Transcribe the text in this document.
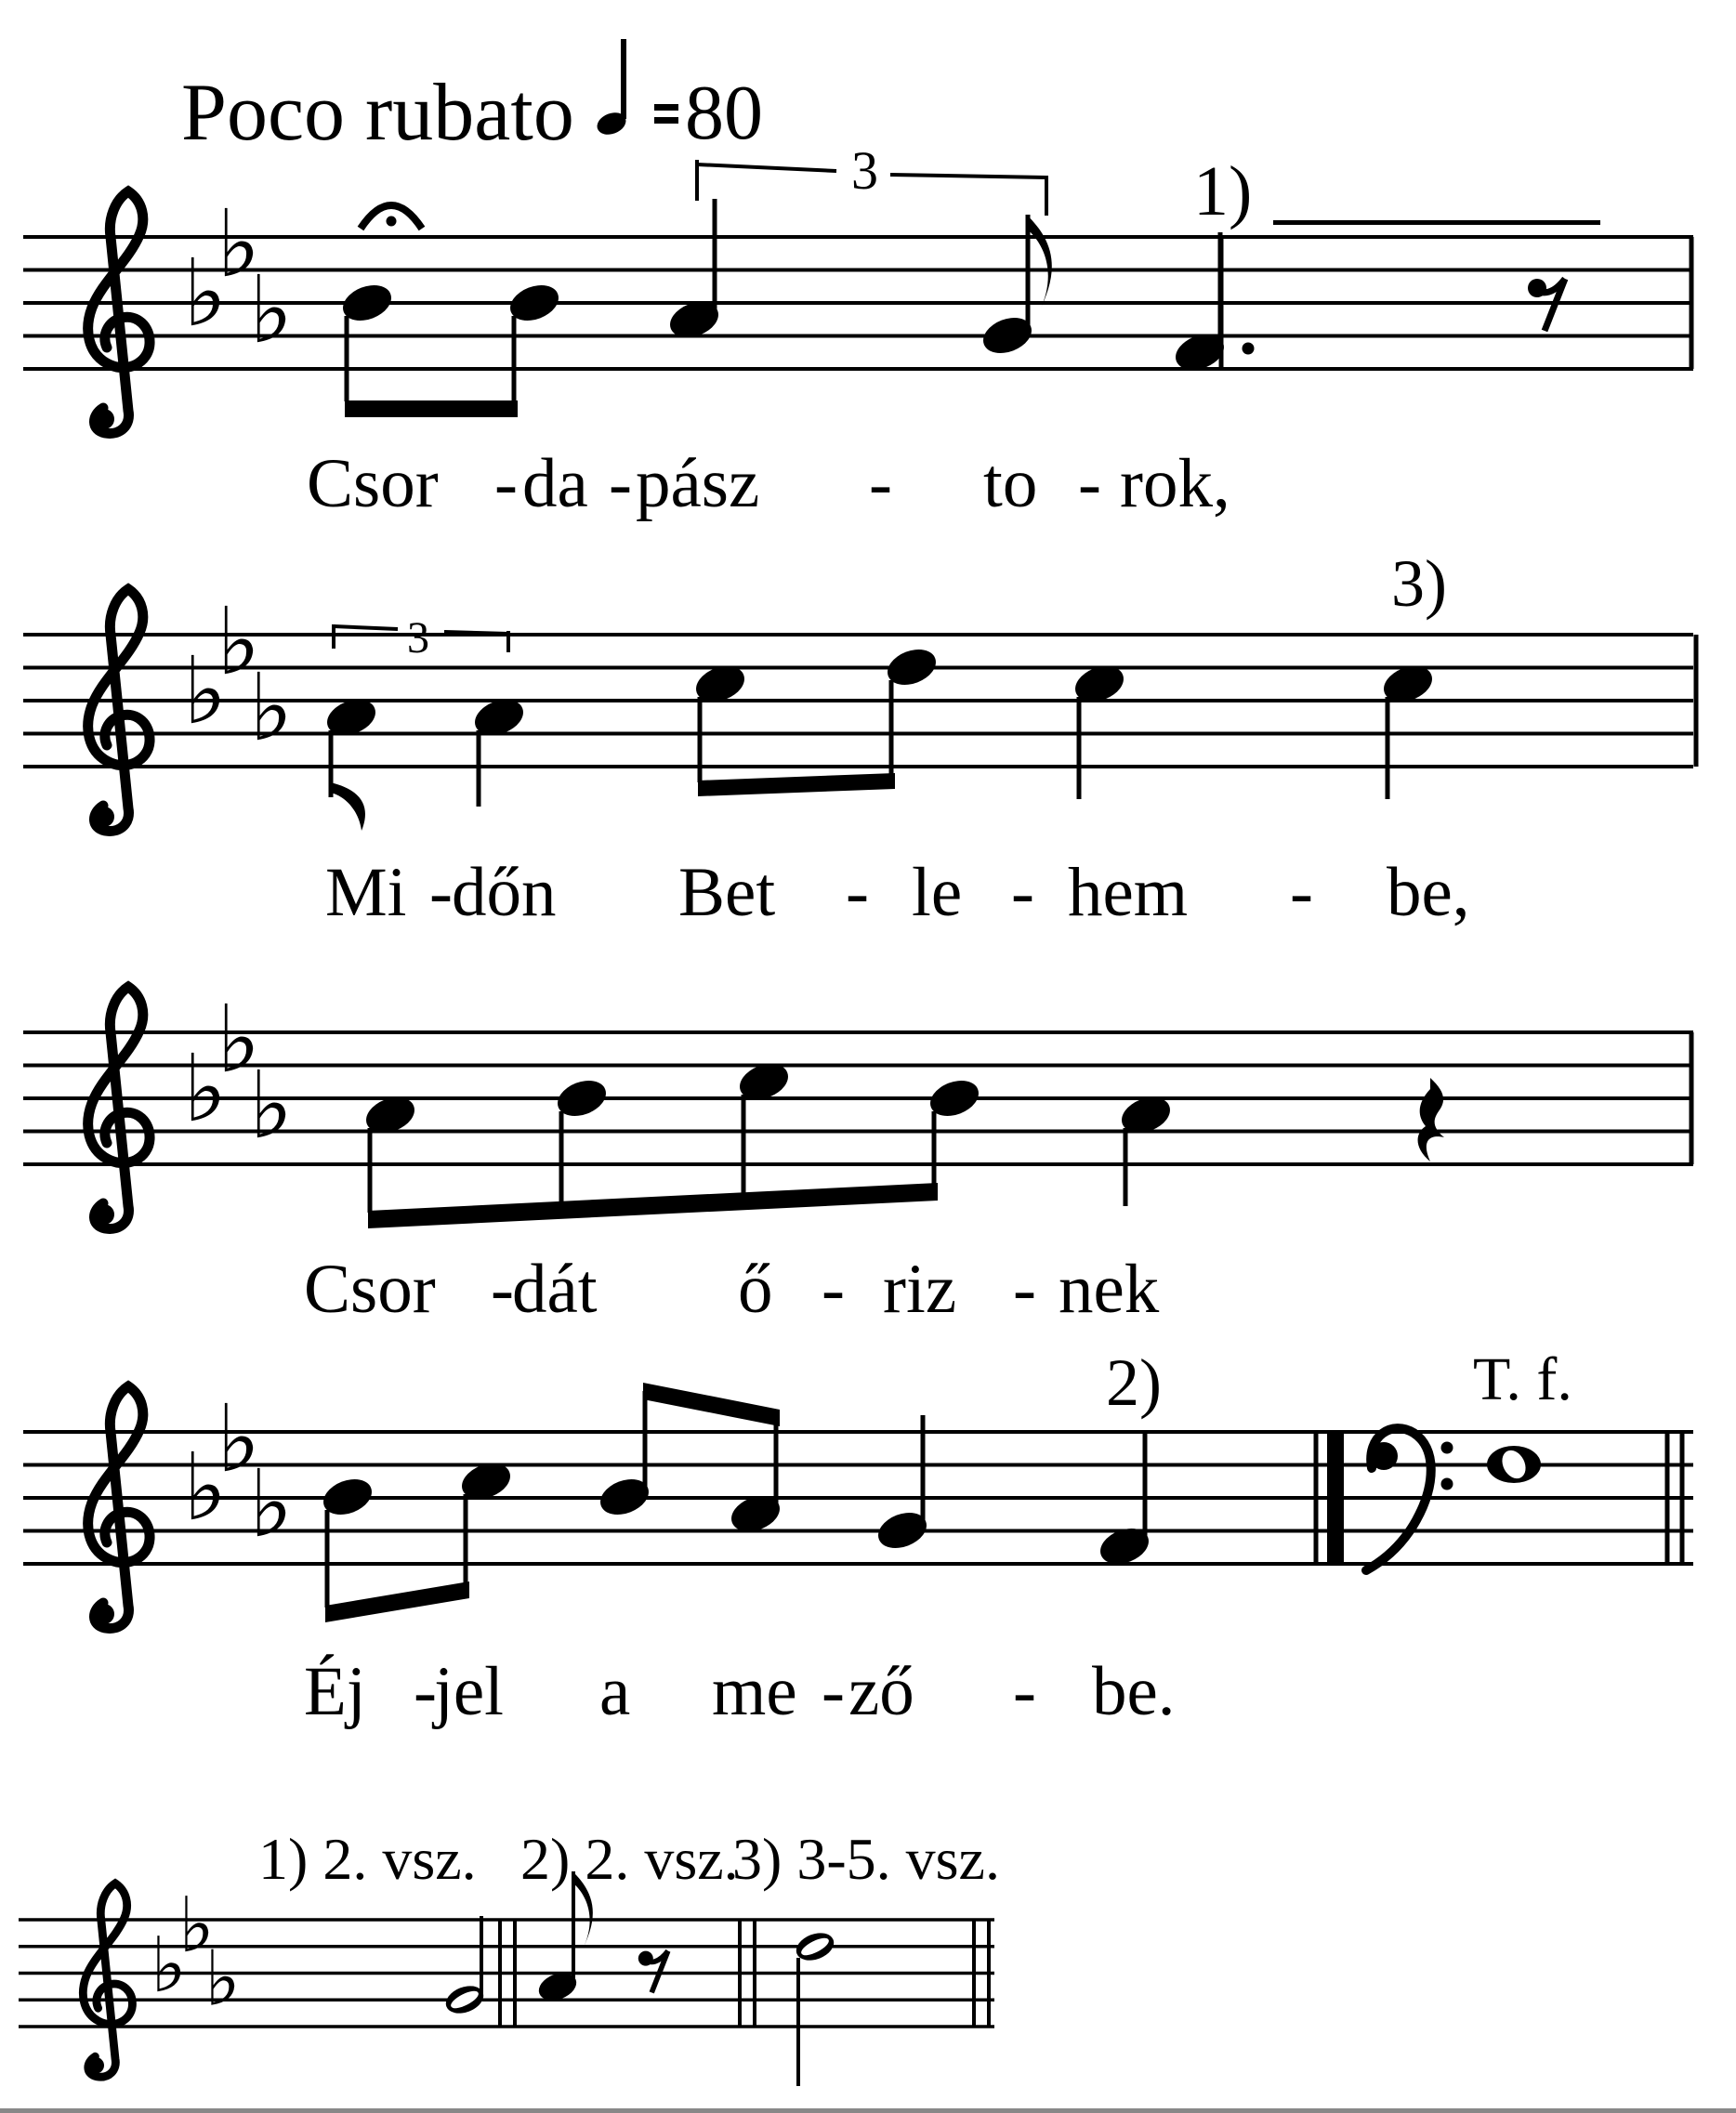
Poco rubato 80
♭
♭
♭
3	1)
Csor - da - pász - to - rok,
♭
♭
♭
3
3)
Mi - dőn Bet - le - hem - be,
♭
♭
♭
Csor -
dát ő - riz - nek
♭
♭
♭
2)	T. f.
Éj -
jel a me - ző - be.
♭
♭
♭
1) 2. vsz. 2) 2. vsz.
3) 3-5. vsz.
